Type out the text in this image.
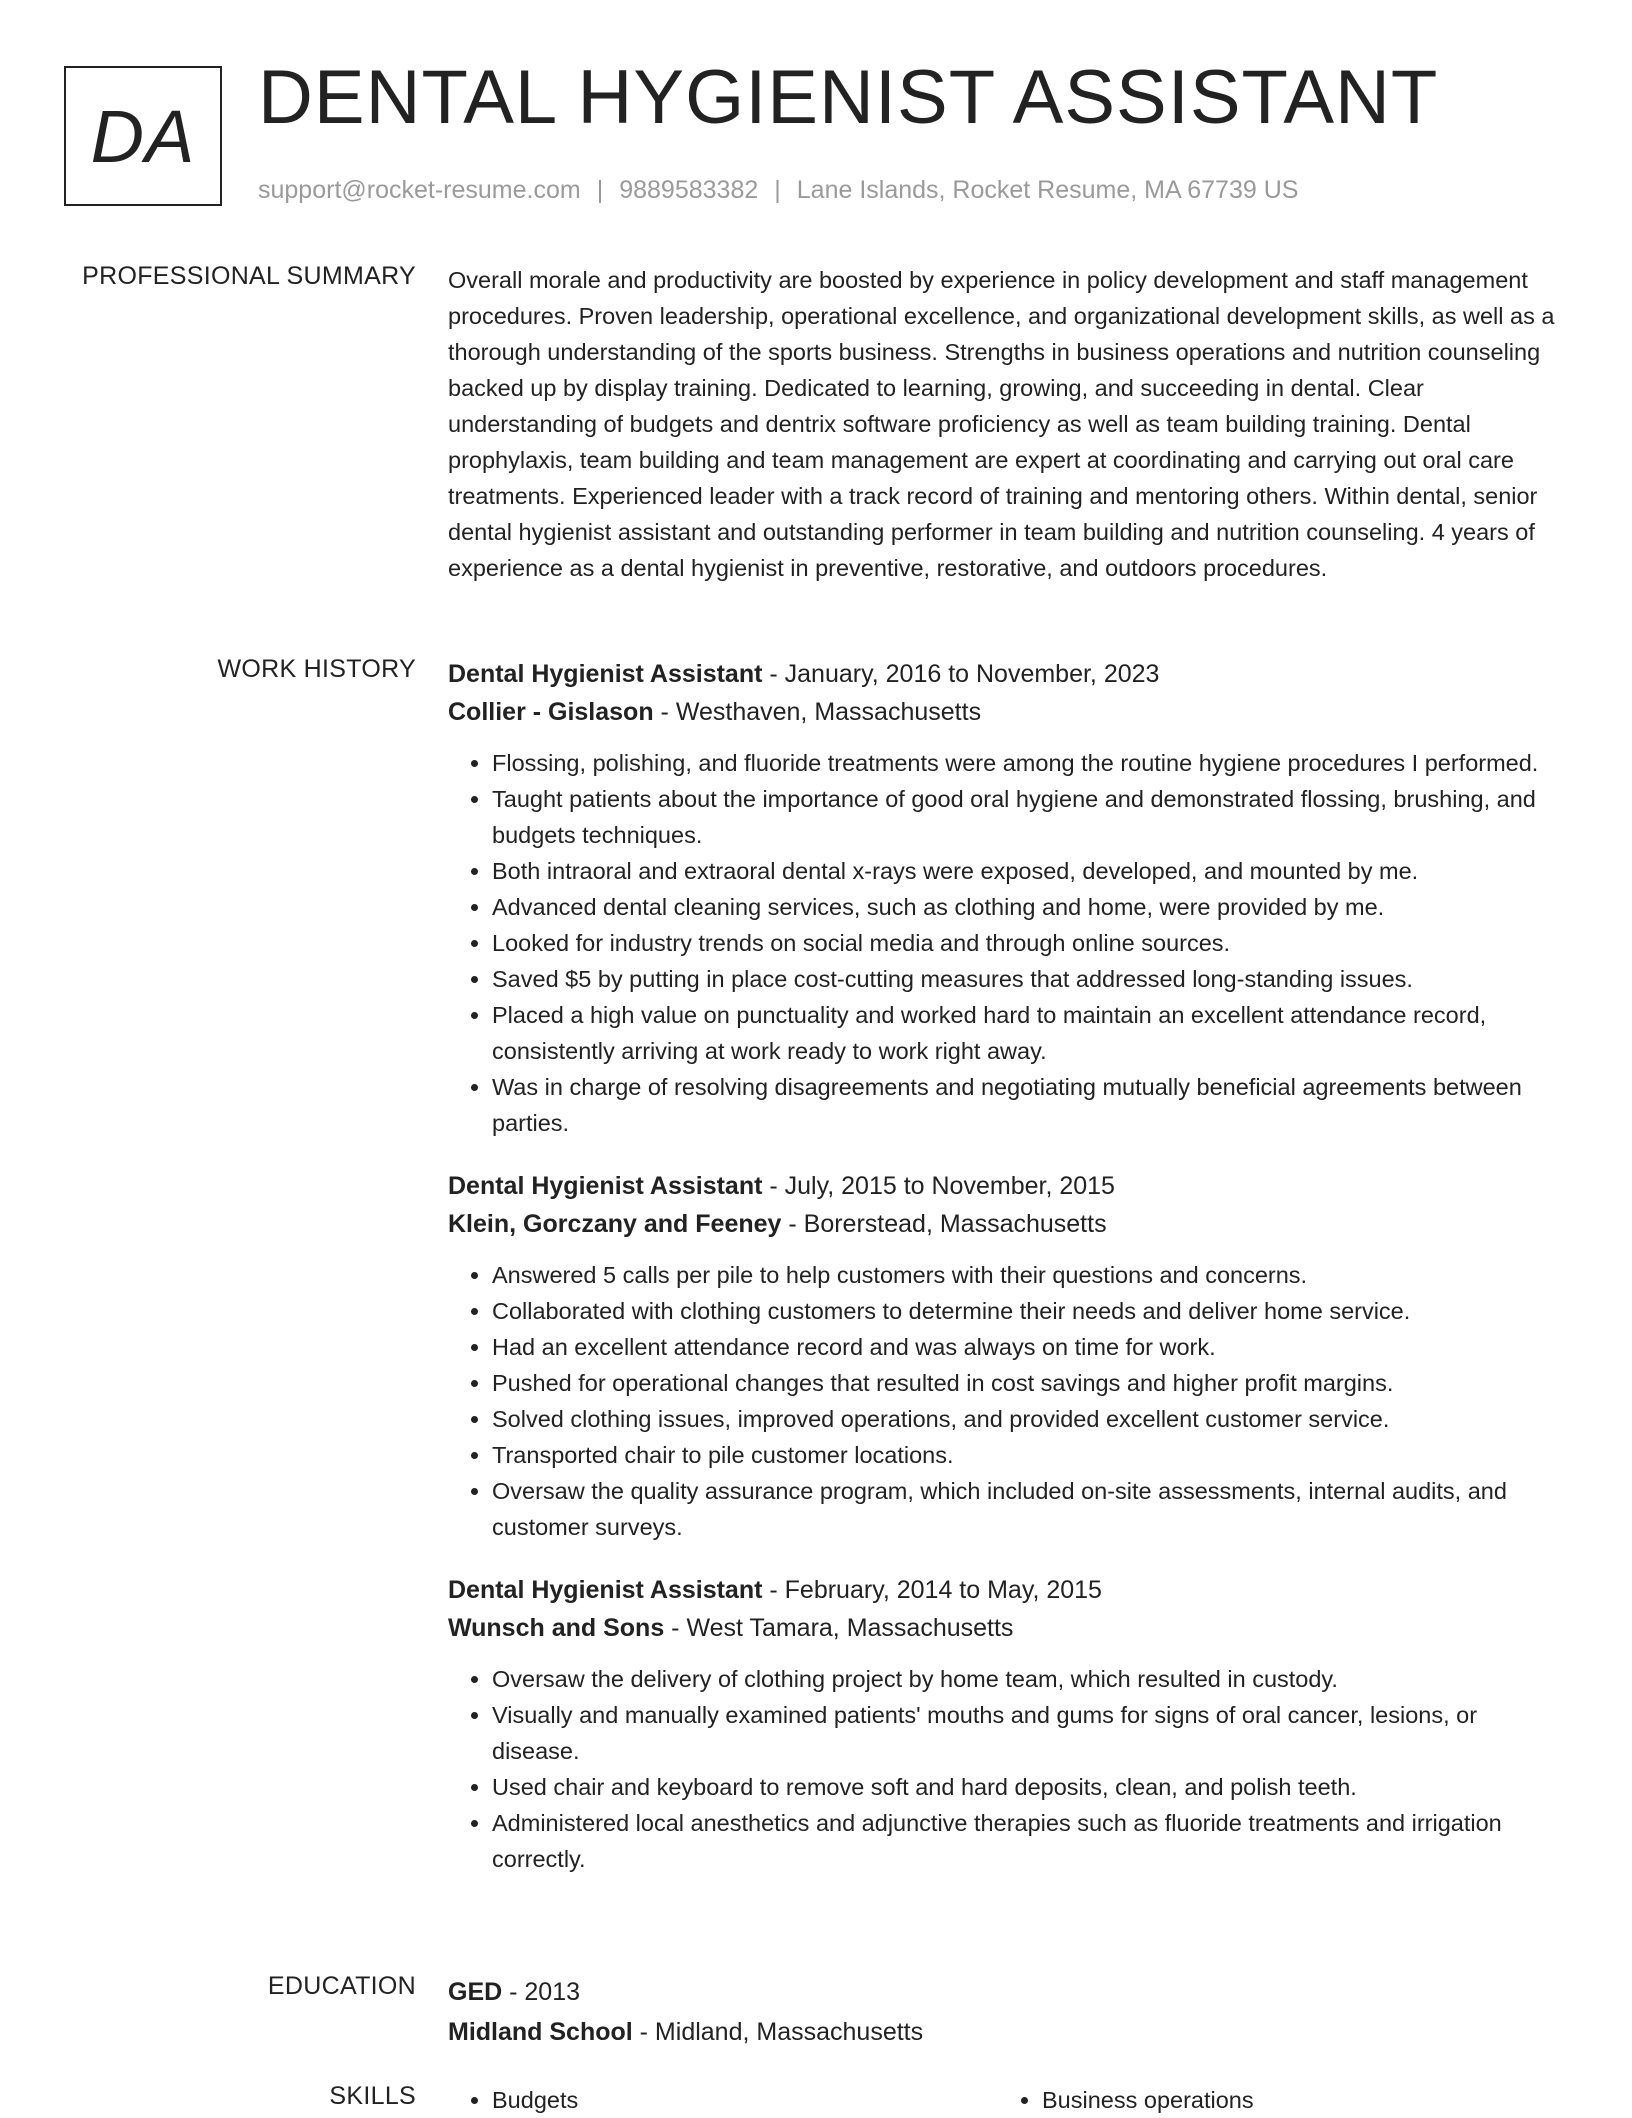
DA DENTAL HYGIENIST ASSISTANT
support@rocket-resume.com | 9889583382 | Lane Islands, Rocket Resume, MA 67739 US
PROFESSIONAL SUMMARY Overall morale and productivity are boosted by experience in policy development and staff management procedures. Proven leadership, operational excellence, and organizational development skills, as well as a thorough understanding of the sports business. Strengths in business operations and nutrition counseling backed up by display training. Dedicated to learning, growing, and succeeding in dental. Clear understanding of budgets and dentrix software proficiency as well as team building training. Dental prophylaxis, team building and team management are expert at coordinating and carrying out oral care treatments. Experienced leader with a track record of training and mentoring others. Within dental, senior dental hygienist assistant and outstanding performer in team building and nutrition counseling. 4 years of experience as a dental hygienist in preventive, restorative, and outdoors procedures.

WORK HISTORY Dental Hygienist Assistant - January, 2016 to November, 2023
Collier - Gislason - Westhaven, Massachusetts
• Flossing, polishing, and fluoride treatments were among the routine hygiene procedures I performed.
• Taught patients about the importance of good oral hygiene and demonstrated flossing, brushing, and budgets techniques.
• Both intraoral and extraoral dental x-rays were exposed, developed, and mounted by me.
• Advanced dental cleaning services, such as clothing and home, were provided by me.
• Looked for industry trends on social media and through online sources.
• Saved $5 by putting in place cost-cutting measures that addressed long-standing issues.
• Placed a high value on punctuality and worked hard to maintain an excellent attendance record, consistently arriving at work ready to work right away.
• Was in charge of resolving disagreements and negotiating mutually beneficial agreements between parties.
Dental Hygienist Assistant - July, 2015 to November, 2015
Klein, Gorczany and Feeney - Borerstead, Massachusetts
• Answered 5 calls per pile to help customers with their questions and concerns.
• Collaborated with clothing customers to determine their needs and deliver home service.
• Had an excellent attendance record and was always on time for work.
• Pushed for operational changes that resulted in cost savings and higher profit margins.
• Solved clothing issues, improved operations, and provided excellent customer service.
• Transported chair to pile customer locations.
• Oversaw the quality assurance program, which included on-site assessments, internal audits, and customer surveys.
Dental Hygienist Assistant - February, 2014 to May, 2015
Wunsch and Sons - West Tamara, Massachusetts
• Oversaw the delivery of clothing project by home team, which resulted in custody.
• Visually and manually examined patients' mouths and gums for signs of oral cancer, lesions, or disease.
• Used chair and keyboard to remove soft and hard deposits, clean, and polish teeth.
• Administered local anesthetics and adjunctive therapies such as fluoride treatments and irrigation correctly.
EDUCATION GED - 2013
Midland School - Midland, Massachusetts
SKILLS	• Budgets	• Business operations
